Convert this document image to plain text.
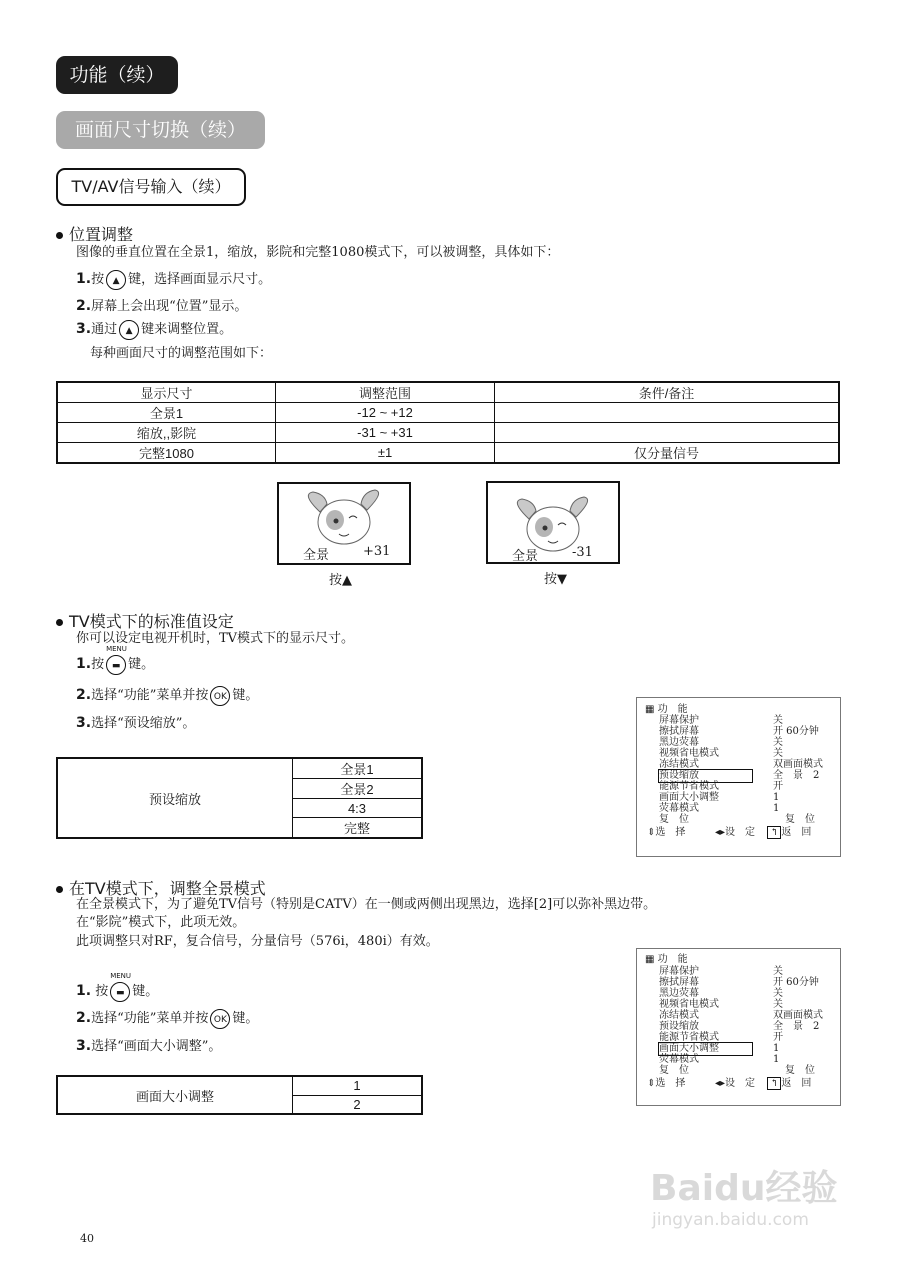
功能（续）
画面尺寸切换（续）
TV/AV信号输入（续）
位置调整
图像的垂直位置在全景1，缩放，影院和完整1080模式下，可以被调整，具体如下：
1.按 ▲ 键，选择画面显示尺寸。
2.屏幕上会出现“位置”显示。
3.通过 ▲ 键来调整位置。
每种画面尺寸的调整范围如下：
显示尺寸	调整范围	条件/备注
全景1	-12 ~ +12	
缩放,,影院	-31 ~ +31	
完整1080	±1	仅分量信号
全景	+31
按▲
全景	-31
按▼
TV模式下的标准值设定
你可以设定电视开机时，TV模式下的显示尺寸。
1.按
MENU
▬ 键。
2.选择“功能”菜单并按 OK 键。
3.选择“预设缩放”。
预设缩放	全景1
全景2
4:3
完整
▦ 功　能
屏幕保护	关
擦拭屏幕	开 60分钟
黑边荧幕	关
视频省电模式	关
冻结模式	双画面模式
预设缩放	全　景　2
能源节省模式	开
画面大小调整	1
荧幕模式	1
复　位	复　位
⇕选　择	◂▸设　定	↰ 返　回
在TV模式下，调整全景模式
在全景模式下，为了避免TV信号（特别是CATV）在一侧或两侧出现黑边，选择[2]可以弥补黑边带。
在“影院”模式下，此项无效。
此项调整只对RF，复合信号，分量信号（576i，480i）有效。
1. 按
MENU
▬ 键。
2.选择“功能”菜单并按 OK 键。
3.选择“画面大小调整”。
画面大小调整	1
2
▦ 功　能
屏幕保护	关
擦拭屏幕	开 60分钟
黑边荧幕	关
视频省电模式	关
冻结模式	双画面模式
预设缩放	全　景　2
能源节省模式	开
画面大小调整	1
荧幕模式	1
复　位	复　位
⇕选　择	◂▸设　定	↰ 返　回
Baidu经验
jingyan.baidu.com
40
